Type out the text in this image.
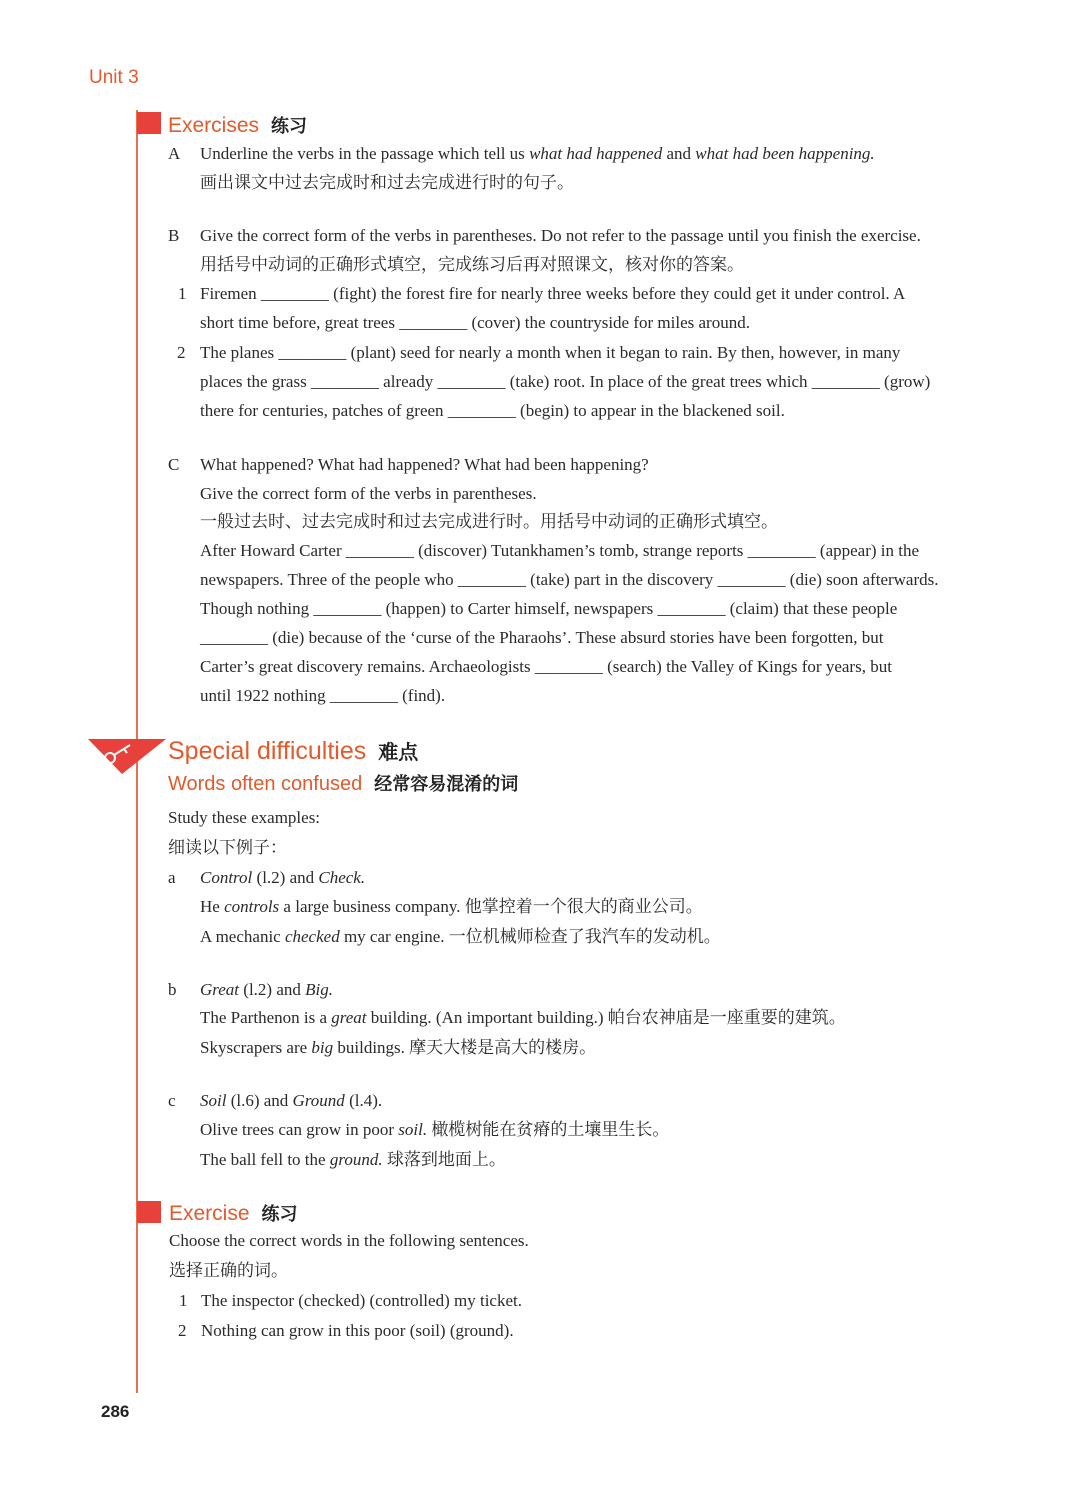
Unit 3
Exercises 练习
A Underline the verbs in the passage which tell us what had happened and what had been happening.
画出课文中过去完成时和过去完成进行时的句子。
B Give the correct form of the verbs in parentheses. Do not refer to the passage until you finish the exercise.
用括号中动词的正确形式填空，完成练习后再对照课文，核对你的答案。
1 Firemen ________ (fight) the forest fire for nearly three weeks before they could get it under control. A
short time before, great trees ________ (cover) the countryside for miles around.
2 The planes ________ (plant) seed for nearly a month when it began to rain. By then, however, in many
places the grass ________ already ________ (take) root. In place of the great trees which ________ (grow)
there for centuries, patches of green ________ (begin) to appear in the blackened soil.
C What happened? What had happened? What had been happening?
Give the correct form of the verbs in parentheses.
一般过去时、过去完成时和过去完成进行时。用括号中动词的正确形式填空。
After Howard Carter ________ (discover) Tutankhamen’s tomb, strange reports ________ (appear) in the
newspapers. Three of the people who ________ (take) part in the discovery ________ (die) soon afterwards.
Though nothing ________ (happen) to Carter himself, newspapers ________ (claim) that these people
________ (die) because of the ‘curse of the Pharaohs’. These absurd stories have been forgotten, but
Carter’s great discovery remains. Archaeologists ________ (search) the Valley of Kings for years, but
until 1922 nothing ________ (find).
Special difficulties 难点
Words often confused 经常容易混淆的词
Study these examples:
细读以下例子：
a Control (l.2) and Check.
He controls a large business company. 他掌控着一个很大的商业公司。
A mechanic checked my car engine. 一位机械师检查了我汽车的发动机。
b Great (l.2) and Big.
The Parthenon is a great building. (An important building.) 帕台农神庙是一座重要的建筑。
Skyscrapers are big buildings. 摩天大楼是高大的楼房。
c Soil (l.6) and Ground (l.4).
Olive trees can grow in poor soil. 橄榄树能在贫瘠的土壤里生长。
The ball fell to the ground. 球落到地面上。
Exercise 练习
Choose the correct words in the following sentences.
选择正确的词。
1 The inspector (checked) (controlled) my ticket.
2 Nothing can grow in this poor (soil) (ground).
286
